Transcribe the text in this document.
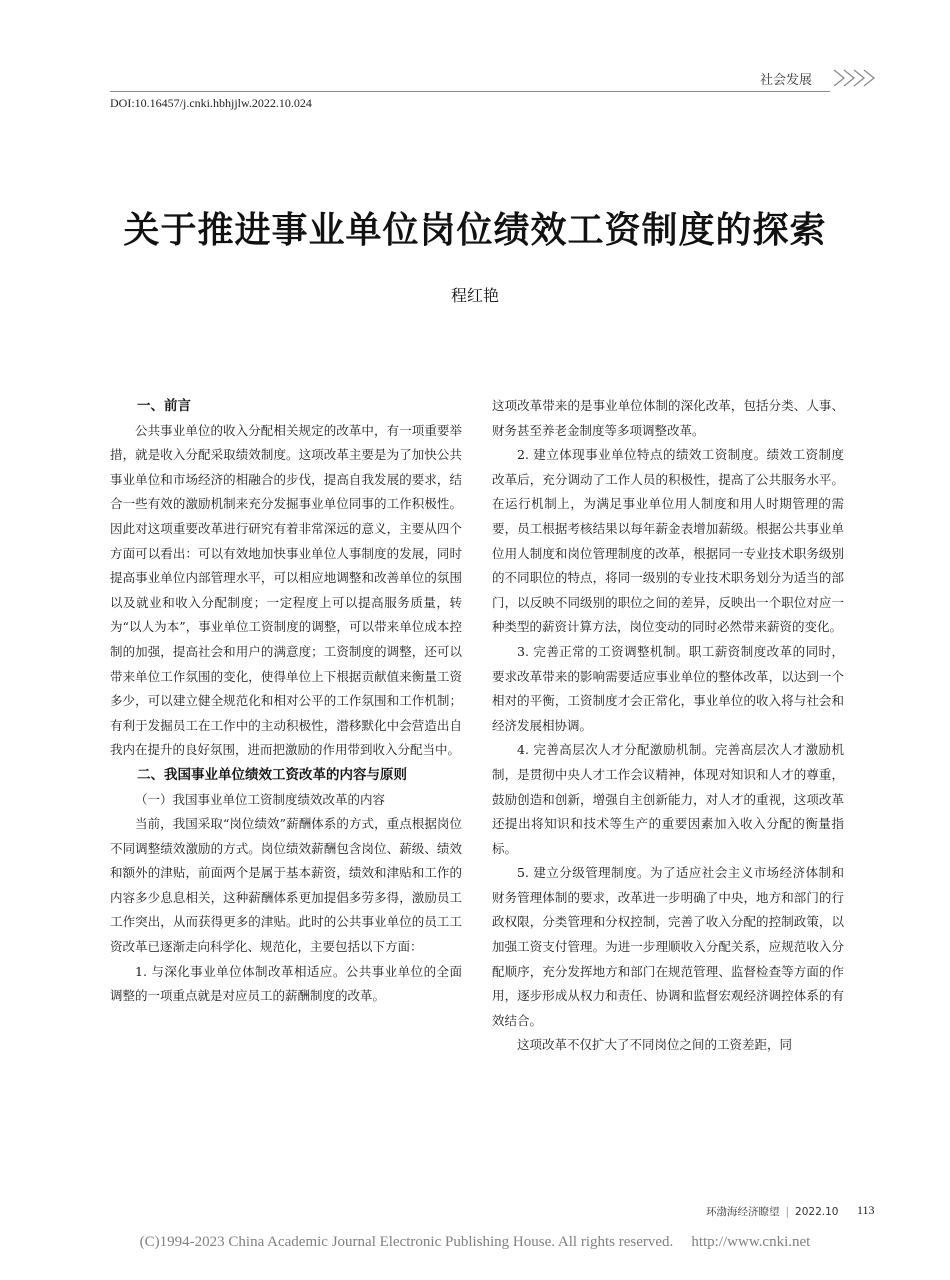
社会发展
DOI:10.16457/j.cnki.hbhjjlw.2022.10.024
关于推进事业单位岗位绩效工资制度的探索
程红艳
一、前言

公共事业单位的收入分配相关规定的改革中，有一项重要举措，就是收入分配采取绩效制度。这项改革主要是为了加快公共事业单位和市场经济的相融合的步伐，提高自我发展的要求，结合一些有效的激励机制来充分发掘事业单位同事的工作积极性。因此对这项重要改革进行研究有着非常深远的意义，主要从四个方面可以看出：可以有效地加快事业单位人事制度的发展，同时提高事业单位内部管理水平，可以相应地调整和改善单位的氛围以及就业和收入分配制度；一定程度上可以提高服务质量，转为“以人为本”，事业单位工资制度的调整，可以带来单位成本控制的加强，提高社会和用户的满意度；工资制度的调整，还可以带来单位工作氛围的变化，使得单位上下根据贡献值来衡量工资多少，可以建立健全规范化和相对公平的工作氛围和工作机制；有利于发掘员工在工作中的主动积极性，潜移默化中会营造出自我内在提升的良好氛围，进而把激励的作用带到收入分配当中。

二、我国事业单位绩效工资改革的内容与原则
（一）我国事业单位工资制度绩效改革的内容

当前，我国采取“岗位绩效”薪酬体系的方式，重点根据岗位不同调整绩效激励的方式。岗位绩效薪酬包含岗位、薪级、绩效和额外的津贴，前面两个是属于基本薪资，绩效和津贴和工作的内容多少息息相关，这种薪酬体系更加提倡多劳多得，激励员工工作突出，从而获得更多的津贴。此时的公共事业单位的员工工资改革已逐渐走向科学化、规范化，主要包括以下方面：

1. 与深化事业单位体制改革相适应。公共事业单位的全面调整的一项重点就是对应员工的薪酬制度的改革。

这项改革带来的是事业单位体制的深化改革，包括分类、人事、财务甚至养老金制度等多项调整改革。

2. 建立体现事业单位特点的绩效工资制度。绩效工资制度改革后，充分调动了工作人员的积极性，提高了公共服务水平。在运行机制上，为满足事业单位用人制度和用人时期管理的需要，员工根据考核结果以每年薪金表增加薪级。根据公共事业单位用人制度和岗位管理制度的改革，根据同一专业技术职务级别的不同职位的特点，将同一级别的专业技术职务划分为适当的部门，以反映不同级别的职位之间的差异，反映出一个职位对应一种类型的薪资计算方法，岗位变动的同时必然带来薪资的变化。

3. 完善正常的工资调整机制。职工薪资制度改革的同时，要求改革带来的影响需要适应事业单位的整体改革，以达到一个相对的平衡，工资制度才会正常化，事业单位的收入将与社会和经济发展相协调。

4. 完善高层次人才分配激励机制。完善高层次人才激励机制，是贯彻中央人才工作会议精神，体现对知识和人才的尊重，鼓励创造和创新，增强自主创新能力，对人才的重视，这项改革还提出将知识和技术等生产的重要因素加入收入分配的衡量指标。

5. 建立分级管理制度。为了适应社会主义市场经济体制和财务管理体制的要求，改革进一步明确了中央，地方和部门的行政权限，分类管理和分权控制，完善了收入分配的控制政策，以加强工资支付管理。为进一步理顺收入分配关系，应规范收入分配顺序，充分发挥地方和部门在规范管理、监督检查等方面的作用，逐步形成从权力和责任、协调和监督宏观经济调控体系的有效结合。

这项改革不仅扩大了不同岗位之间的工资差距，同

环渤海经济瞭望 | 2022.10 113
(C)1994-2023 China Academic Journal Electronic Publishing House. All rights reserved. http://www.cnki.net
